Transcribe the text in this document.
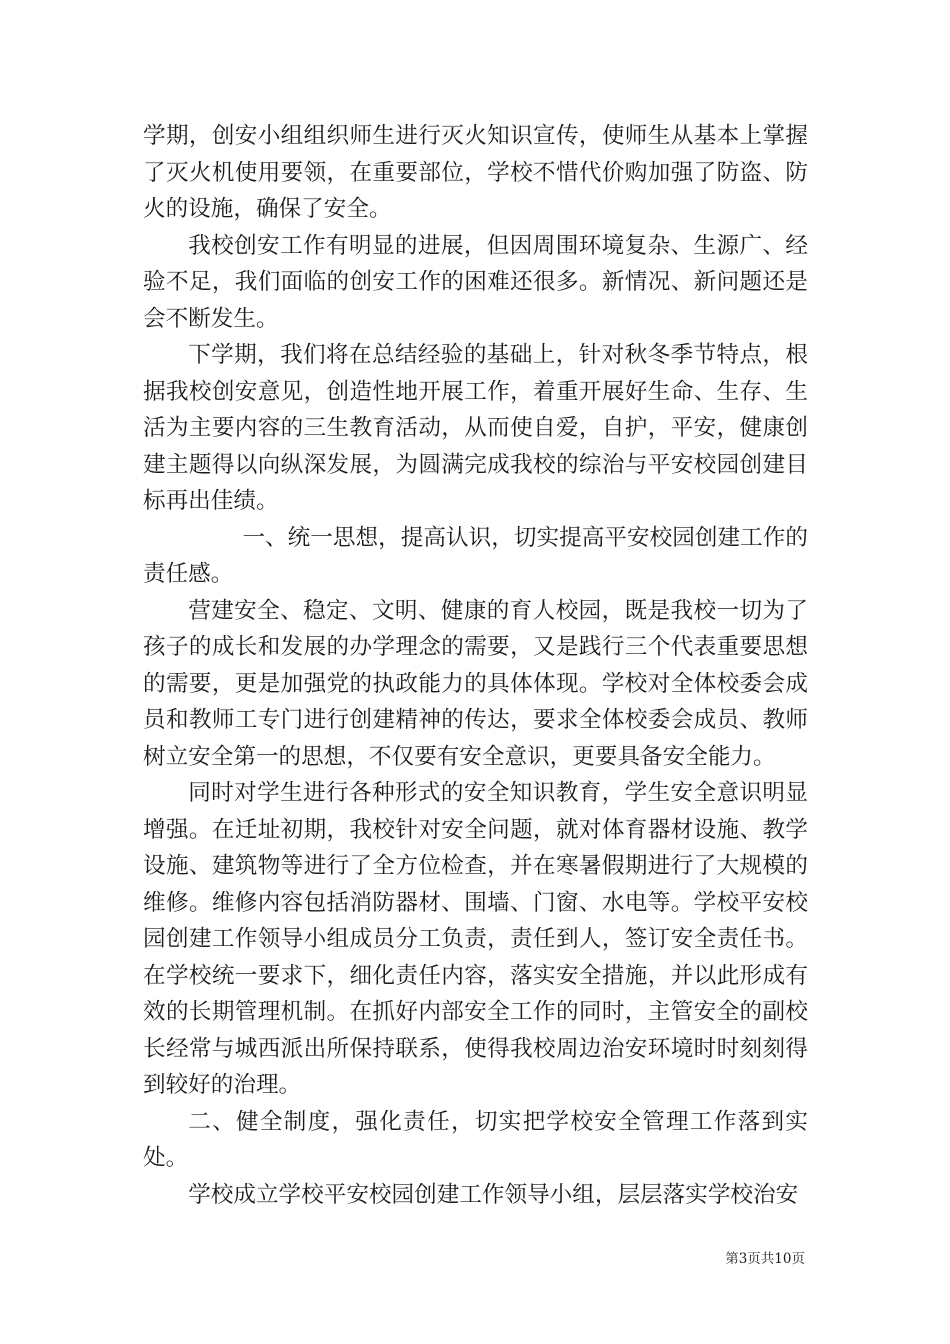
学期，创安小组组织师生进行灭火知识宣传，使师生从基本上掌握了灭火机使用要领，在重要部位，学校不惜代价购加强了防盗、防火的设施，确保了安全。

我校创安工作有明显的进展，但因周围环境复杂、生源广、经验不足，我们面临的创安工作的困难还很多。新情况、新问题还是会不断发生。

下学期，我们将在总结经验的基础上，针对秋冬季节特点，根据我校创安意见，创造性地开展工作，着重开展好生命、生存、生活为主要内容的三生教育活动，从而使自爱，自护，平安，健康创建主题得以向纵深发展，为圆满完成我校的综治与平安校园创建目标再出佳绩。

一、统一思想，提高认识，切实提高平安校园创建工作的责任感。

营建安全、稳定、文明、健康的育人校园，既是我校一切为了孩子的成长和发展的办学理念的需要，又是践行三个代表重要思想的需要，更是加强党的执政能力的具体体现。学校对全体校委会成员和教师工专门进行创建精神的传达，要求全体校委会成员、教师树立安全第一的思想，不仅要有安全意识，更要具备安全能力。

同时对学生进行各种形式的安全知识教育，学生安全意识明显增强。在迁址初期，我校针对安全问题，就对体育器材设施、教学设施、建筑物等进行了全方位检查，并在寒暑假期进行了大规模的维修。维修内容包括消防器材、围墙、门窗、水电等。学校平安校园创建工作领导小组成员分工负责，责任到人，签订安全责任书。在学校统一要求下，细化责任内容，落实安全措施，并以此形成有效的长期管理机制。在抓好内部安全工作的同时，主管安全的副校长经常与城西派出所保持联系，使得我校周边治安环境时时刻刻得到较好的治理。

二、健全制度，强化责任，切实把学校安全管理工作落到实处。

学校成立学校平安校园创建工作领导小组，层层落实学校治安

第3页共10页
